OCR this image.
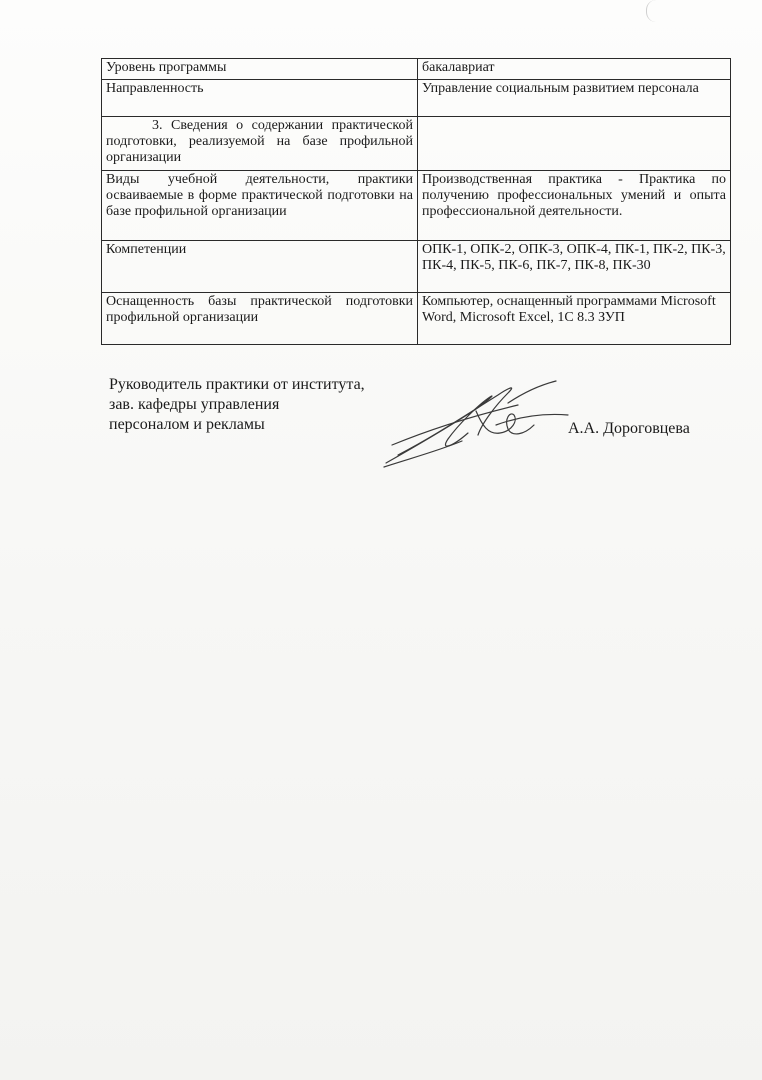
Уровень программы	бакалавриат
Направленность	Управление социальным развитием персонала

3. Сведения о содержании практической подготовки, реализуемой на базе профильной организации	

Виды учебной деятельности, практики осваиваемые в форме практической подготовки на базе профильной организации	Производственная практика - Практика по получению профессиональных умений и опыта профессиональной деятельности.

Компетенции	ОПК-1, ОПК-2, ОПК-3, ОПК-4, ПК-1, ПК-2, ПК-3, ПК-4, ПК-5, ПК-6, ПК-7, ПК-8, ПК-30

Оснащенность базы практической подготовки профильной организации	Компьютер, оснащенный программами Microsoft Word, Microsoft Excel, 1С 8.3 ЗУП
Руководитель практики от института,
зав. кафедры управления
персоналом и рекламы	А.А. Дороговцева
